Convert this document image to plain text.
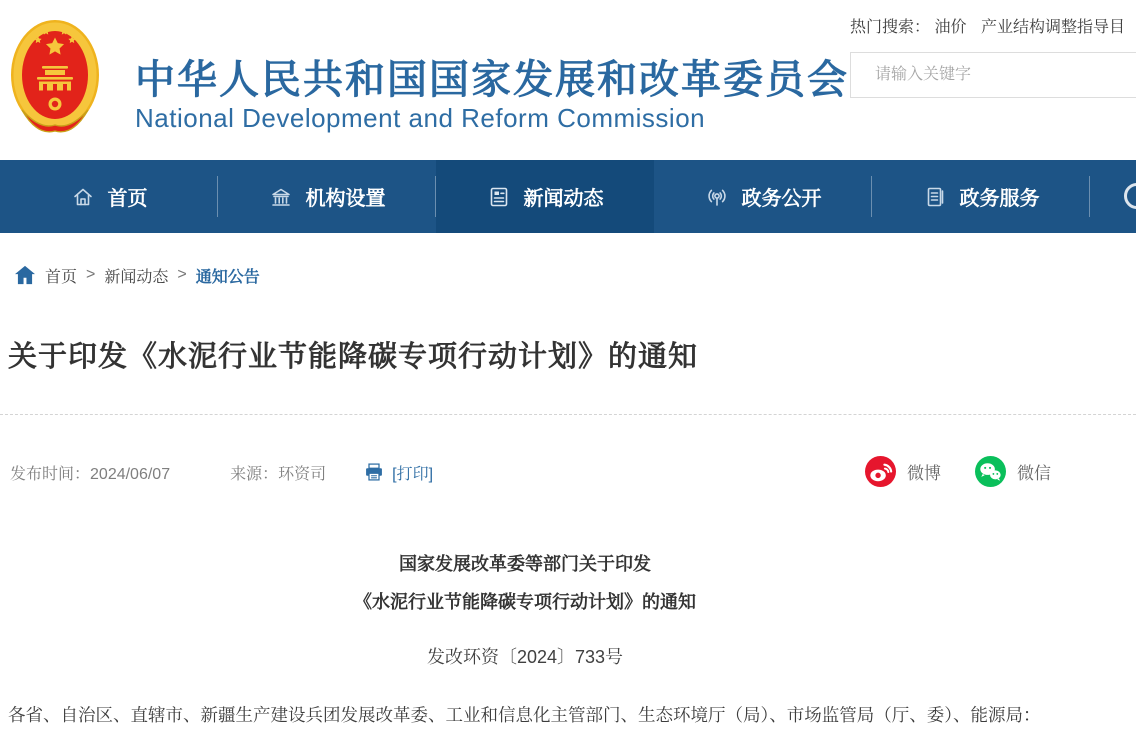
中华人民共和国国家发展和改革委员会
National Development and Reform Commission
热门搜索： 油价 产业结构调整指导目
请输入关键字
首页	机构设置	新闻动态	政务公开	政务服务
首页 > 新闻动态 > 通知公告
关于印发《水泥行业节能降碳专项行动计划》的通知
发布时间：2024/06/07	来源：环资司	[打印]	微博	微信
国家发展改革委等部门关于印发
《水泥行业节能降碳专项行动计划》的通知
发改环资〔2024〕733号

各省、自治区、直辖市、新疆生产建设兵团发展改革委、工业和信息化主管部门、生态环境厅（局）、市场监管局（厅、委）、能源局：
